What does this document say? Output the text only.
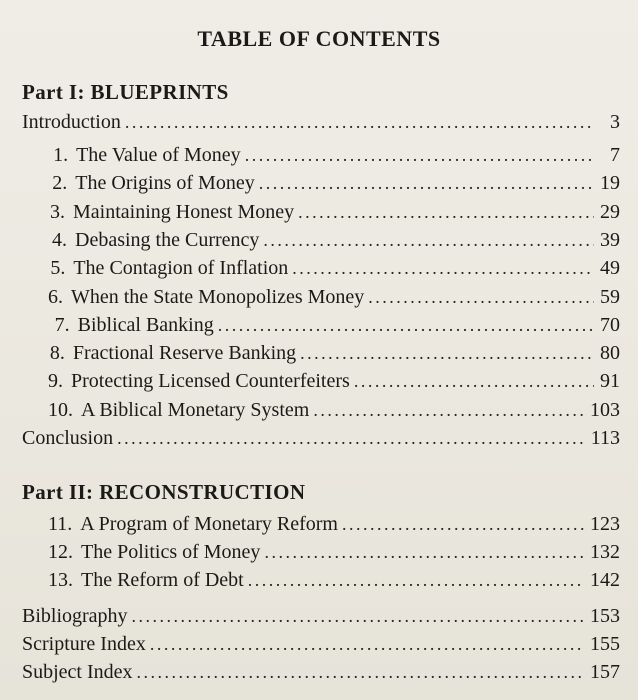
TABLE OF CONTENTS
Part I: BLUEPRINTS
Introduction . . .	3
1. The Value of Money . . .	7
2. The Origins of Money . . .	19
3. Maintaining Honest Money . . .	29
4. Debasing the Currency . . .	39
5. The Contagion of Inflation . . .	49
6. When the State Monopolizes Money . . .	59
7. Biblical Banking . . .	70
8. Fractional Reserve Banking . . .	80
9. Protecting Licensed Counterfeiters . . .	91
10. A Biblical Monetary System . . .	103
Conclusion . . .	113
Part II: RECONSTRUCTION
11. A Program of Monetary Reform . . .	123
12. The Politics of Money . . .	132
13. The Reform of Debt . . .	142
Bibliography . . .	153
Scripture Index . . .	155
Subject Index . . .	157
